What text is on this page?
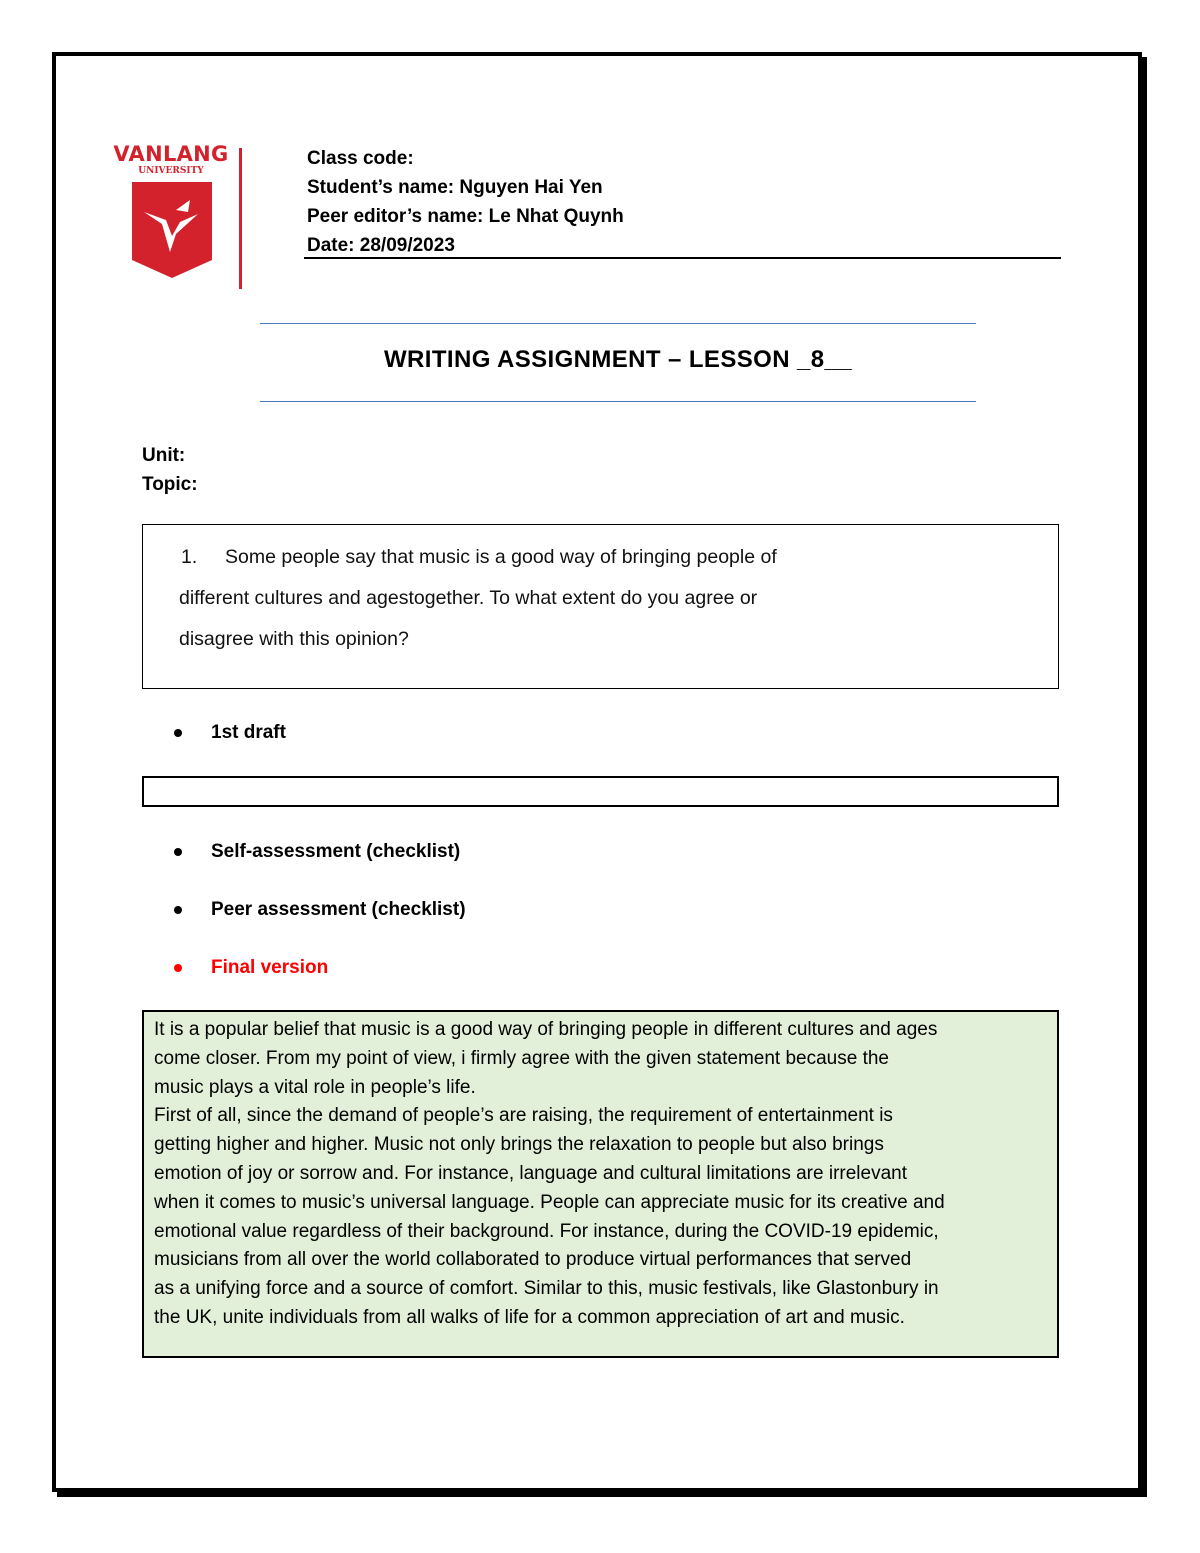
VANLANG
UNIVERSITY
Class code:
Student’s name: Nguyen Hai Yen
Peer editor’s name: Le Nhat Quynh
Date: 28/09/2023
WRITING ASSIGNMENT – LESSON _8__
Unit:
Topic:
1. Some people say that music is a good way of bringing people of
different cultures and agestogether. To what extent do you agree or
disagree with this opinion?
1st draft
Self-assessment (checklist)
Peer assessment (checklist)
Final version
It is a popular belief that music is a good way of bringing people in different cultures and ages
come closer. From my point of view, i firmly agree with the given statement because the
music plays a vital role in people’s life.
First of all, since the demand of people’s are raising, the requirement of entertainment is
getting higher and higher. Music not only brings the relaxation to people but also brings
emotion of joy or sorrow and. For instance, language and cultural limitations are irrelevant
when it comes to music’s universal language. People can appreciate music for its creative and
emotional value regardless of their background. For instance, during the COVID-19 epidemic,
musicians from all over the world collaborated to produce virtual performances that served
as a unifying force and a source of comfort. Similar to this, music festivals, like Glastonbury in
the UK, unite individuals from all walks of life for a common appreciation of art and music.
